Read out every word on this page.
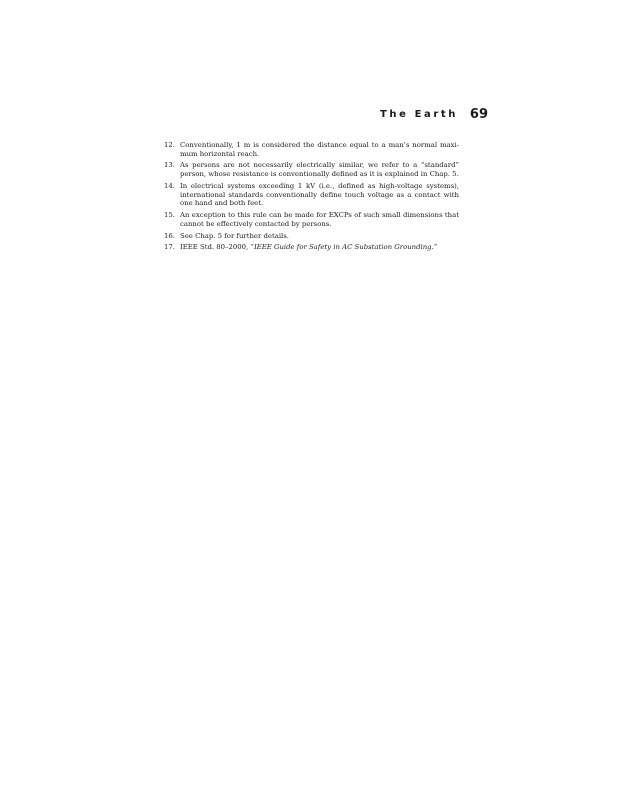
The Earth 69
12. Conventionally, 1 m is considered the distance equal to a man’s normal maxi-mum horizontal reach.
13. As persons are not necessarily electrically similar, we refer to a “standard” person, whose resistance is conventionally defined as it is explained in Chap. 5.
14. In electrical systems exceeding 1 kV (i.e., defined as high-voltage systems), international standards conventionally define touch voltage as a contact with one hand and both feet.
15. An exception to this rule can be made for EXCPs of such small dimensions that cannot be effectively contacted by persons.
16. See Chap. 5 for further details.
17. IEEE Std. 80–2000, “IEEE Guide for Safety in AC Substation Grounding.”
